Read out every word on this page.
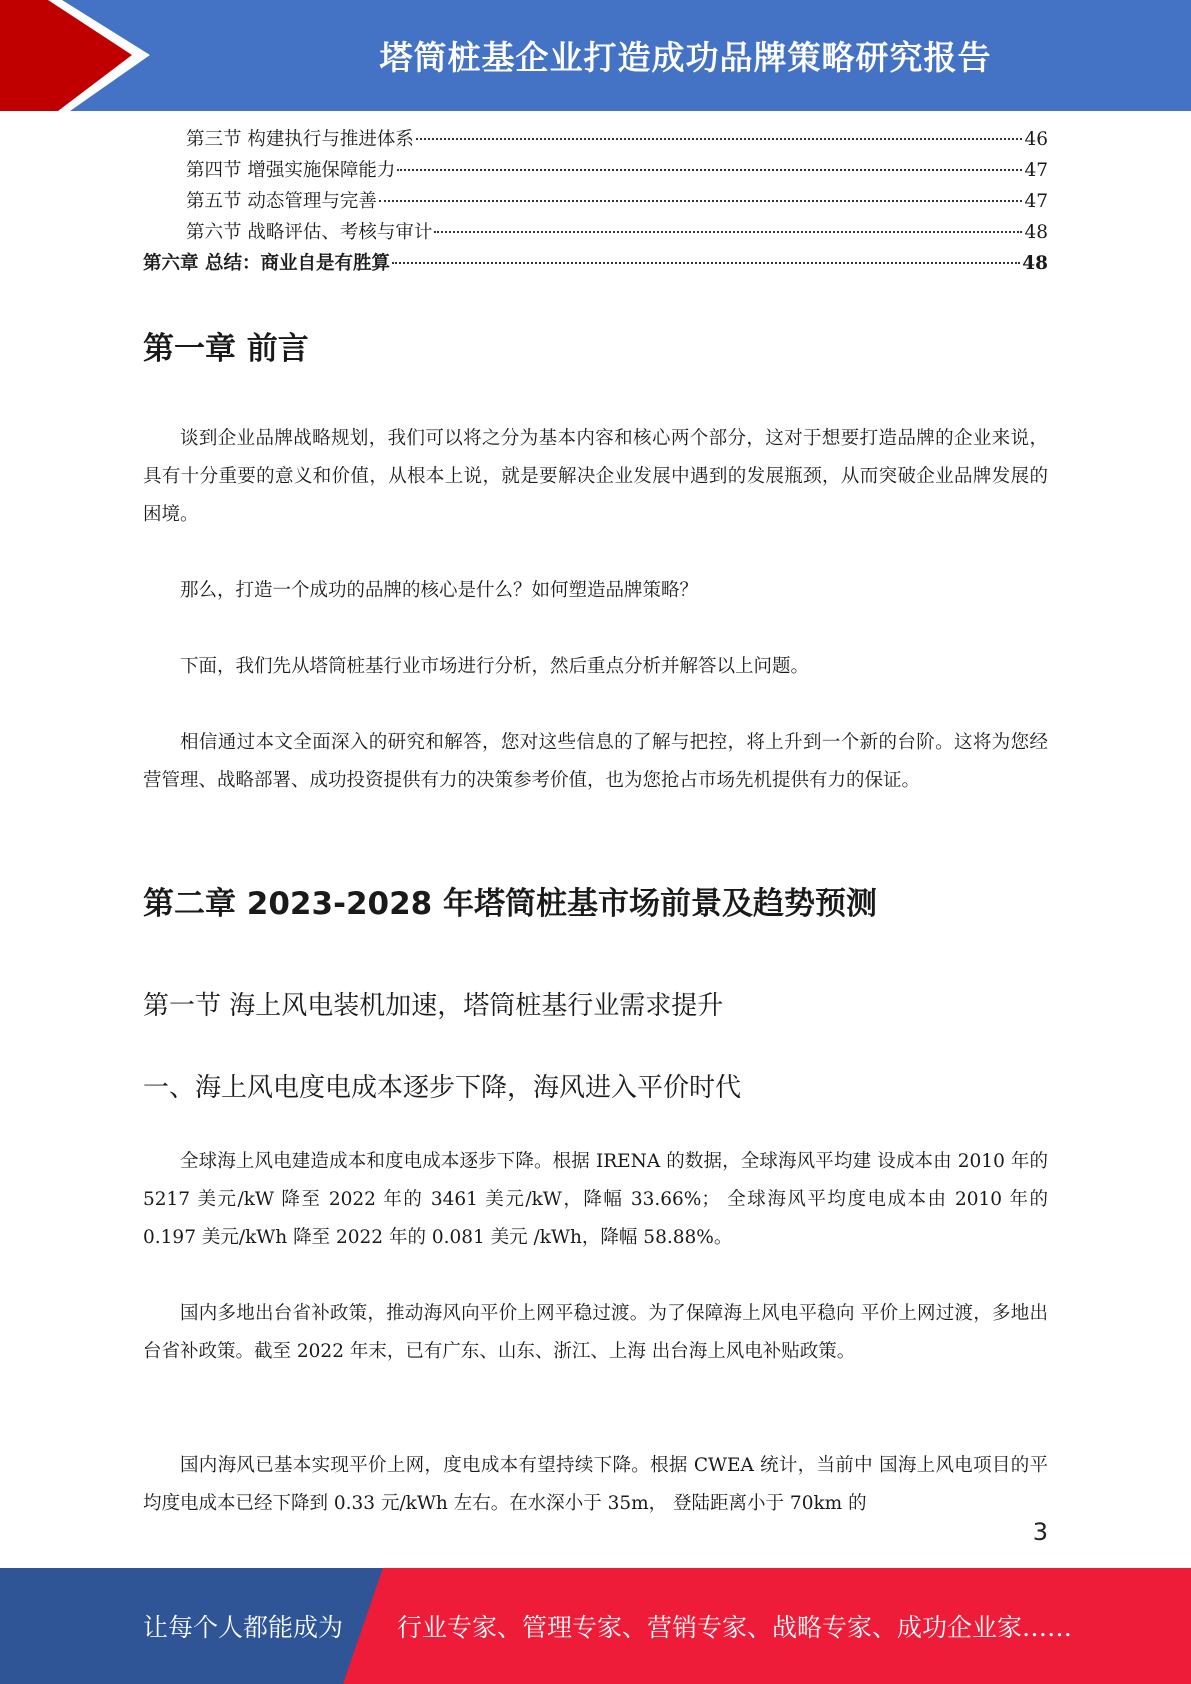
塔筒桩基企业打造成功品牌策略研究报告
第三节 构建执行与推进体系	46
第四节 增强实施保障能力	47
第五节 动态管理与完善	47
第六节 战略评估、考核与审计	48
第六章 总结：商业自是有胜算	48
第一章 前言

谈到企业品牌战略规划，我们可以将之分为基本内容和核心两个部分，这对于想要打造品牌的企业来说，具有十分重要的意义和价值，从根本上说，就是要解决企业发展中遇到的发展瓶颈，从而突破企业品牌发展的困境。

那么，打造一个成功的品牌的核心是什么？如何塑造品牌策略？

下面，我们先从塔筒桩基行业市场进行分析，然后重点分析并解答以上问题。

相信通过本文全面深入的研究和解答，您对这些信息的了解与把控，将上升到一个新的台阶。这将为您经营管理、战略部署、成功投资提供有力的决策参考价值，也为您抢占市场先机提供有力的保证。

第二章 2023-2028 年塔筒桩基市场前景及趋势预测
第一节 海上风电装机加速，塔筒桩基行业需求提升
一、海上风电度电成本逐步下降，海风进入平价时代

全球海上风电建造成本和度电成本逐步下降。根据 IRENA 的数据，全球海风平均建 设成本由 2010 年的 5217 美元/kW 降至 2022 年的 3461 美元/kW，降幅 33.66%； 全球海风平均度电成本由 2010 年的 0.197 美元/kWh 降至 2022 年的 0.081 美元 /kWh，降幅 58.88%。

国内多地出台省补政策，推动海风向平价上网平稳过渡。为了保障海上风电平稳向 平价上网过渡，多地出台省补政策。截至 2022 年末，已有广东、山东、浙江、上海 出台海上风电补贴政策。

国内海风已基本实现平价上网，度电成本有望持续下降。根据 CWEA 统计，当前中 国海上风电项目的平均度电成本已经下降到 0.33 元/kWh 左右。在水深小于 35m， 登陆距离小于 70km 的

3
让每个人都能成为 行业专家、管理专家、营销专家、战略专家、成功企业家……
